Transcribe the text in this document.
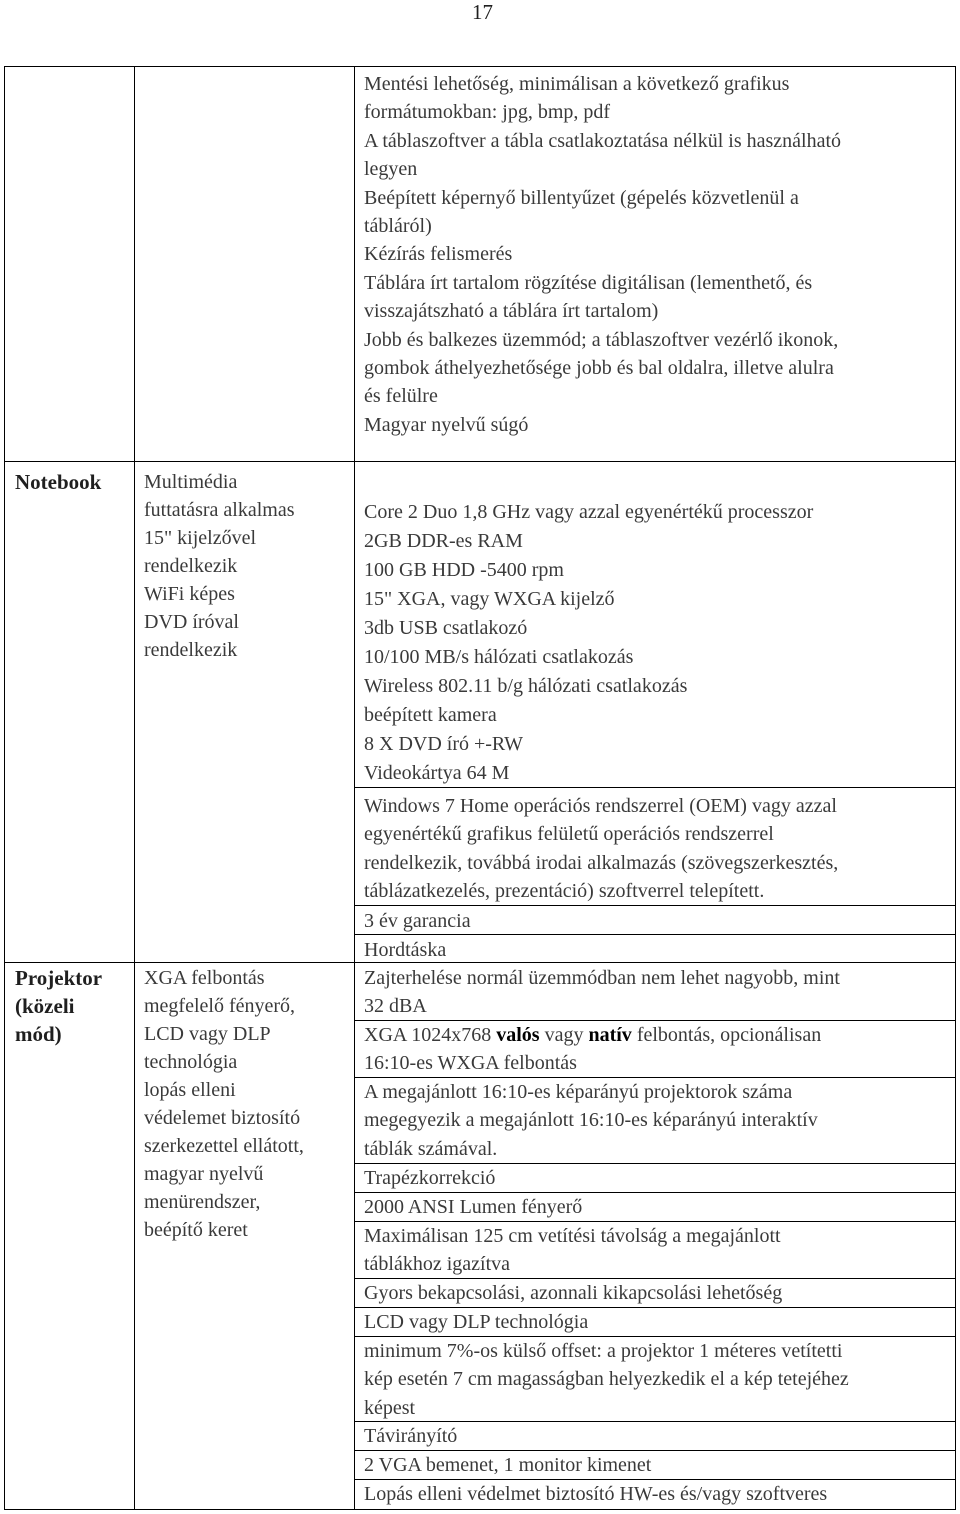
17
Mentési lehetőség, minimálisan a következő grafikus
formátumokban: jpg, bmp, pdf
A táblaszoftver a tábla csatlakoztatása nélkül is használható
legyen
Beépített képernyő billentyűzet (gépelés közvetlenül a
tábláról)
Kézírás felismerés
Táblára írt tartalom rögzítése digitálisan (lementhető, és
visszajátszható a táblára írt tartalom)
Jobb és balkezes üzemmód; a táblaszoftver vezérlő ikonok,
gombok áthelyezhetősége jobb és bal oldalra, illetve alulra
és felülre
Magyar nyelvű súgó
Notebook	Multimédia
futtatásra alkalmas
15" kijelzővel
rendelkezik
WiFi képes
DVD íróval
rendelkezik
Core 2 Duo 1,8 GHz vagy azzal egyenértékű processzor
2GB DDR-es RAM
100 GB HDD -5400 rpm
15" XGA, vagy WXGA kijelző
3db USB csatlakozó
10/100 MB/s hálózati csatlakozás
Wireless 802.11 b/g hálózati csatlakozás
beépített kamera
8 X DVD író +-RW
Videokártya 64 M
Windows 7 Home operációs rendszerrel (OEM) vagy azzal
egyenértékű grafikus felületű operációs rendszerrel
rendelkezik, továbbá irodai alkalmazás (szövegszerkesztés,
táblázatkezelés, prezentáció) szoftverrel telepített.
3 év garancia
Hordtáska
Projektor
(közeli
mód)
XGA felbontás
megfelelő fényerő,
LCD vagy DLP
technológia
lopás elleni
védelemet biztosító
szerkezettel ellátott,
magyar nyelvű
menürendszer,
beépítő keret
Zajterhelése normál üzemmódban nem lehet nagyobb, mint
32 dBA
XGA 1024x768 valós vagy natív felbontás, opcionálisan
16:10-es WXGA felbontás
A megajánlott 16:10-es képarányú projektorok száma
megegyezik a megajánlott 16:10-es képarányú interaktív
táblák számával.
Trapézkorrekció
2000 ANSI Lumen fényerő
Maximálisan 125 cm vetítési távolság a megajánlott
táblákhoz igazítva
Gyors bekapcsolási, azonnali kikapcsolási lehetőség
LCD vagy DLP technológia
minimum 7%-os külső offset: a projektor 1 méteres vetítetti
kép esetén 7 cm magasságban helyezkedik el a kép tetejéhez
képest
Távirányító
2 VGA bemenet, 1 monitor kimenet
Lopás elleni védelmet biztosító HW-es és/vagy szoftveres
